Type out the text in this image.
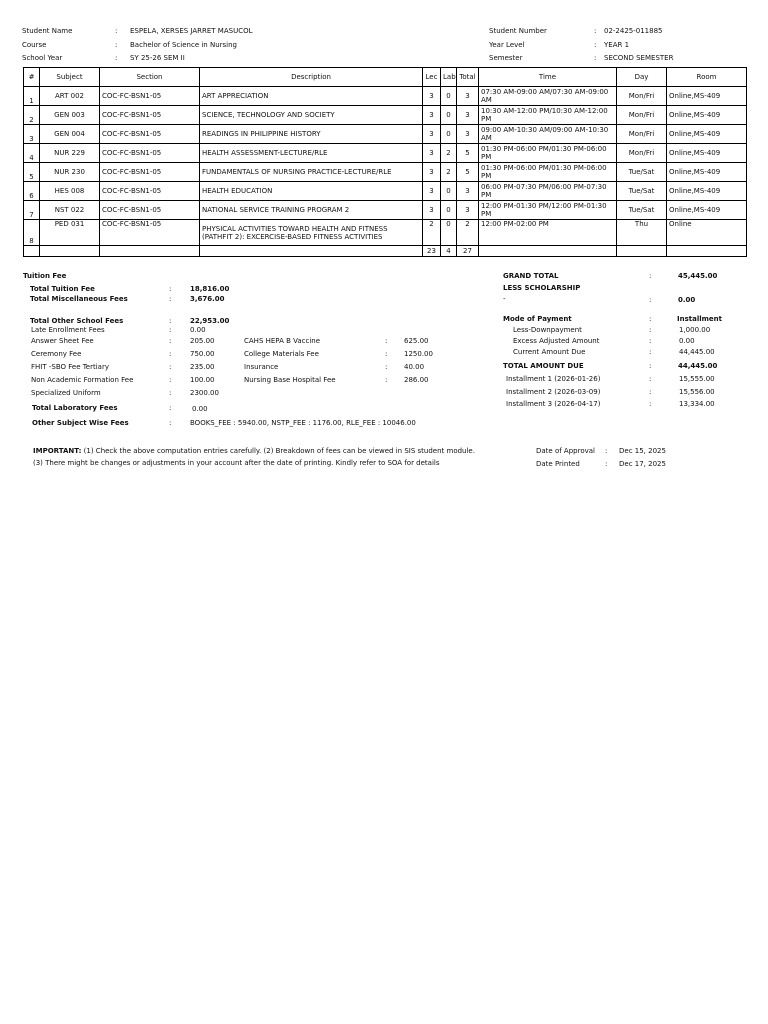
Student Name	: ESPELA, XERSES JARRET MASUCOL
Course	: Bachelor of Science in Nursing
School Year	: SY 25-26 SEM II
Student Number	: 02-2425-011885
Year Level	: YEAR 1
Semester	: SECOND SEMESTER
#	Subject	Section	Description	Lec	Lab	Total	Time	Day	Room
1	ART 002	COC-FC-BSN1-05	ART APPRECIATION	3	0	3	07:30 AM-09:00 AM/07:30 AM-09:00 AM	Mon/Fri	Online,MS-409
2	GEN 003	COC-FC-BSN1-05	SCIENCE, TECHNOLOGY AND SOCIETY	3	0	3	10:30 AM-12:00 PM/10:30 AM-12:00 PM	Mon/Fri	Online,MS-409
3	GEN 004	COC-FC-BSN1-05	READINGS IN PHILIPPINE HISTORY	3	0	3	09:00 AM-10:30 AM/09:00 AM-10:30 AM	Mon/Fri	Online,MS-409
4	NUR 229	COC-FC-BSN1-05	HEALTH ASSESSMENT-LECTURE/RLE	3	2	5	01:30 PM-06:00 PM/01:30 PM-06:00 PM	Mon/Fri	Online,MS-409
5	NUR 230	COC-FC-BSN1-05	FUNDAMENTALS OF NURSING PRACTICE-LECTURE/RLE	3	2	5	01:30 PM-06:00 PM/01:30 PM-06:00 PM	Tue/Sat	Online,MS-409
6	HES 008	COC-FC-BSN1-05	HEALTH EDUCATION	3	0	3	06:00 PM-07:30 PM/06:00 PM-07:30 PM	Tue/Sat	Online,MS-409
7	NST 022	COC-FC-BSN1-05	NATIONAL SERVICE TRAINING PROGRAM 2	3	0	3	12:00 PM-01:30 PM/12:00 PM-01:30 PM	Tue/Sat	Online,MS-409
8	PED 031	COC-FC-BSN1-05	PHYSICAL ACTIVITIES TOWARD HEALTH AND FITNESS
(PATHFIT 2): EXCERCISE-BASED FITNESS ACTIVITIES	2	0	2	12:00 PM-02:00 PM	Thu	Online
				23	4	27			
Tuition Fee
Total Tuition Fee	:	18,816.00
Total Miscellaneous Fees	:	3,676.00
Total Other School Fees	:	22,953.00
Late Enrollment Fees	:	0.00
Answer Sheet Fee	:	205.00
Ceremony Fee	:	750.00
FHIT -SBO Fee Tertiary	:	235.00
Non Academic Formation Fee	:	100.00
Specialized Uniform	:	2300.00
CAHS HEPA B Vaccine	: 625.00
College Materials Fee	: 1250.00
Insurance	: 40.00
Nursing Base Hospital Fee	: 286.00
Total Laboratory Fees	:	0.00
Other Subject Wise Fees	:	BOOKS_FEE : 5940.00, NSTP_FEE : 1176.00, RLE_FEE : 10046.00
GRAND TOTAL	:	45,445.00
LESS SCHOLARSHIP
-	:	0.00
Mode of Payment	:	Installment
Less-Downpayment	:	1,000.00
Excess Adjusted Amount	:	0.00
Current Amount Due	:	44,445.00
TOTAL AMOUNT DUE	:	44,445.00
Installment 1 (2026-01-26)	:	15,555.00
Installment 2 (2026-03-09)	:	15,556.00
Installment 3 (2026-04-17)	:	13,334.00
IMPORTANT: (1) Check the above computation entries carefully. (2) Breakdown of fees can be viewed in SIS student module.
(3) There might be changes or adjustments in your account after the date of printing. Kindly refer to SOA for details
Date of Approval : Dec 15, 2025
Date Printed	: Dec 17, 2025
